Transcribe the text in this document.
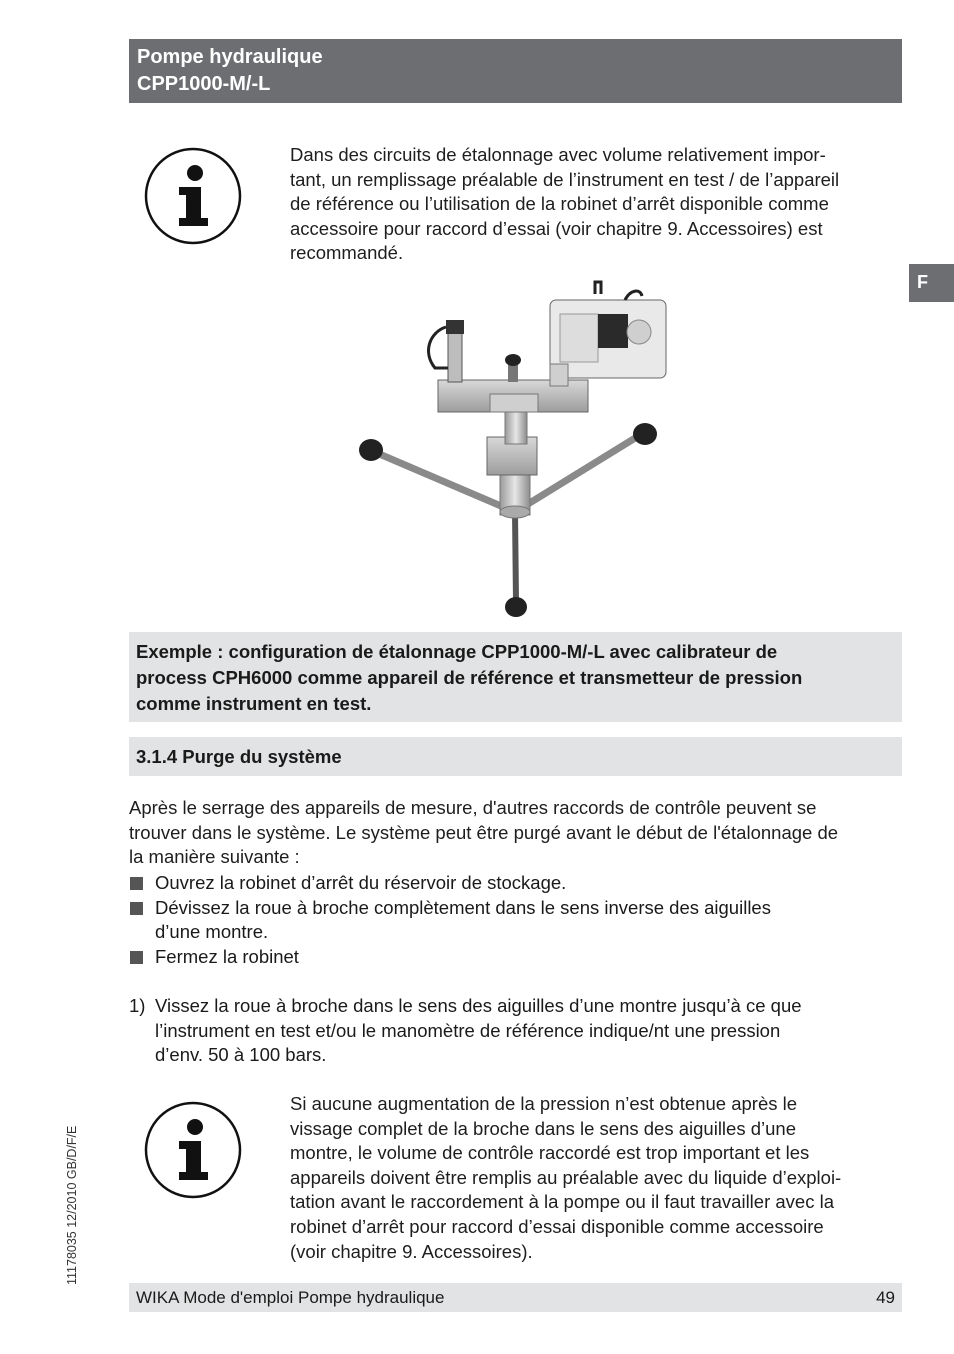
Pompe hydraulique
CPP1000-M/-L
F
Dans des circuits de étalonnage avec volume relativement impor-
tant, un remplissage préalable de l’instrument en test / de l’appareil
de référence ou l’utilisation de la robinet d’arrêt disponible comme
accessoire pour raccord d’essai (voir chapitre 9. Accessoires) est
recommandé.
Exemple : configuration de étalonnage CPP1000-M/-L avec calibrateur de
process CPH6000 comme appareil de référence et transmetteur de pression
comme instrument en test.
3.1.4 Purge du système
Après le serrage des appareils de mesure, d'autres raccords de contrôle peuvent se
trouver dans le système. Le système peut être purgé avant le début de l'étalonnage de
la manière suivante :
Ouvrez la robinet d’arrêt du réservoir de stockage.
Dévissez la roue à broche complètement dans le sens inverse des aiguilles
d’une montre.
Fermez la robinet
1) Vissez la roue à broche dans le sens des aiguilles d’une montre jusqu’à ce que
l’instrument en test et/ou le manomètre de référence indique/nt une pression
d’env. 50 à 100 bars.
Si aucune augmentation de la pression n’est obtenue après le
vissage complet de la broche dans le sens des aiguilles d’une
montre, le volume de contrôle raccordé est trop important et les
appareils doivent être remplis au préalable avec du liquide d’exploi-
tation avant le raccordement à la pompe ou il faut travailler avec la
robinet d’arrêt pour raccord d’essai disponible comme accessoire
(voir chapitre 9. Accessoires).
11178035 12/2010 GB/D/F/E
WIKA Mode d'emploi Pompe hydraulique	49
